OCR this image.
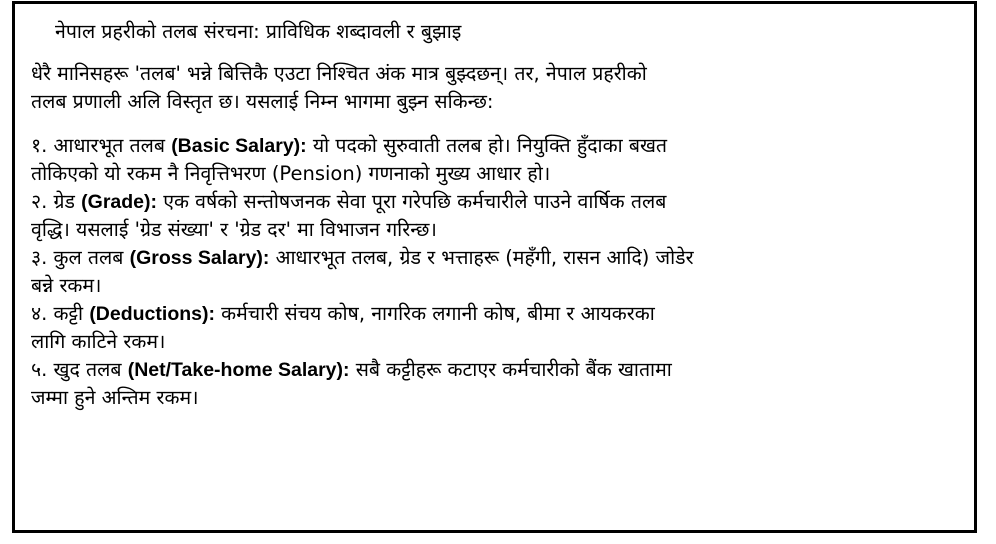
नेपाल प्रहरीको तलब संरचना: प्राविधिक शब्दावली र बुझाइ
धेरै मानिसहरू 'तलब' भन्ने बित्तिकै एउटा निश्चित अंक मात्र बुझ्दछन्। तर, नेपाल प्रहरीको
तलब प्रणाली अलि विस्तृत छ। यसलाई निम्न भागमा बुझ्न सकिन्छ:
१. आधारभूत तलब (Basic Salary): यो पदको सुरुवाती तलब हो। नियुक्ति हुँदाका बखत
तोकिएको यो रकम नै निवृत्तिभरण (Pension) गणनाको मुख्य आधार हो।
२. ग्रेड (Grade): एक वर्षको सन्तोषजनक सेवा पूरा गरेपछि कर्मचारीले पाउने वार्षिक तलब
वृद्धि। यसलाई 'ग्रेड संख्या' र 'ग्रेड दर' मा विभाजन गरिन्छ।
३. कुल तलब (Gross Salary): आधारभूत तलब, ग्रेड र भत्ताहरू (महँगी, रासन आदि) जोडेर
बन्ने रकम।
४. कट्टी (Deductions): कर्मचारी संचय कोष, नागरिक लगानी कोष, बीमा र आयकरका
लागि काटिने रकम।
५. खुद तलब (Net/Take-home Salary): सबै कट्टीहरू कटाएर कर्मचारीको बैंक खातामा
जम्मा हुने अन्तिम रकम।
